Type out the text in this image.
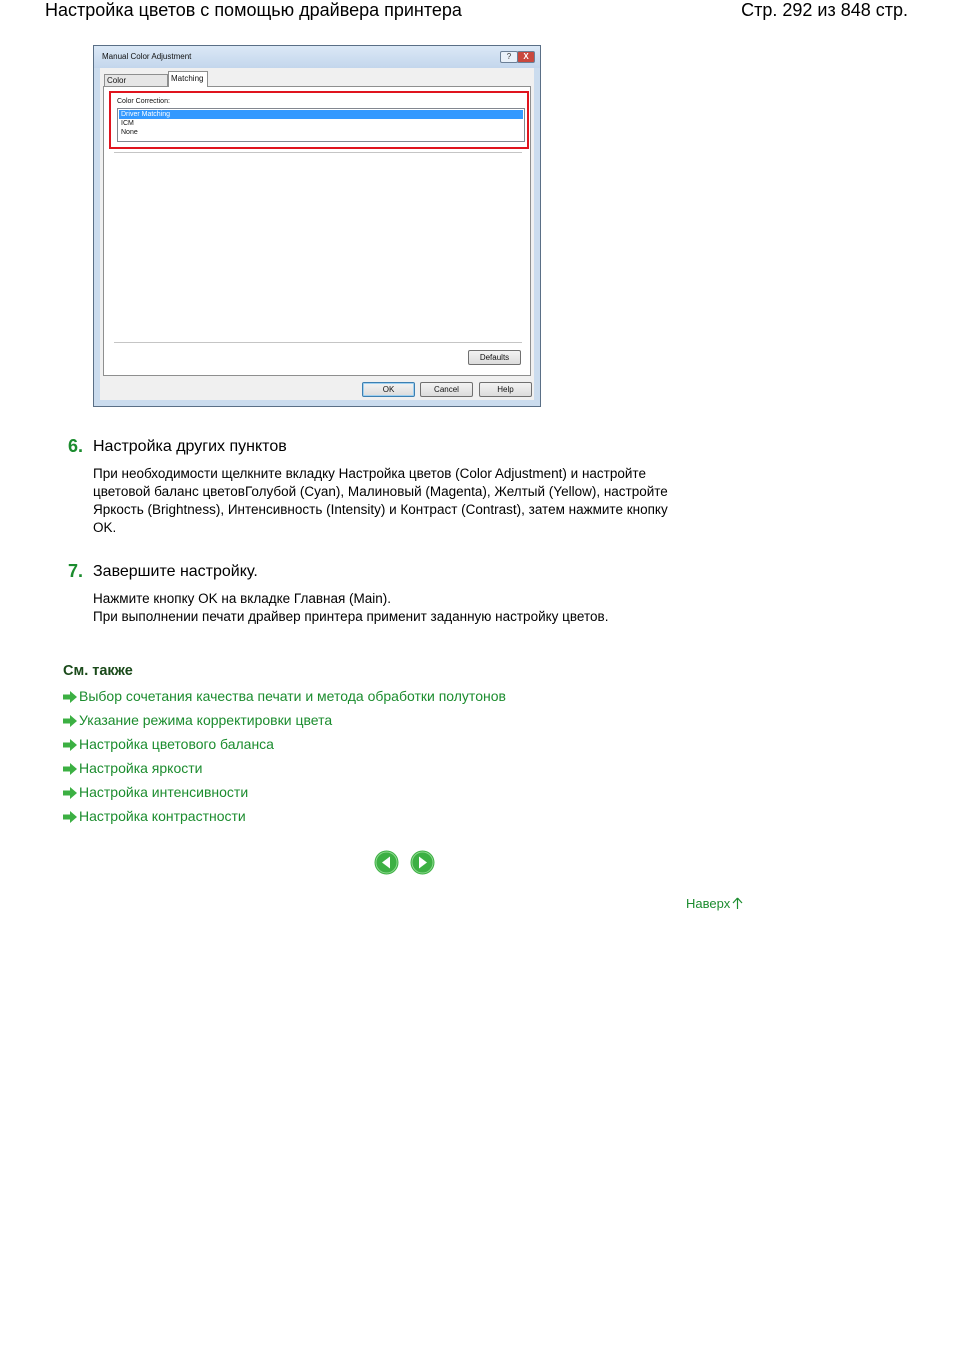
Настройка цветов с помощью драйвера принтера	Стр. 292 из 848 стр.
Manual Color Adjustment	?	X
Color	Matching
Color Correction:
Driver Matching
ICM
None
Defaults
OK	Cancel	Help
6. Настройка других пунктов
При необходимости щелкните вкладку Настройка цветов (Color Adjustment) и настройте
цветовой баланс цветовГолубой (Cyan), Малиновый (Magenta), Желтый (Yellow), настройте
Яркость (Brightness), Интенсивность (Intensity) и Контраст (Contrast), затем нажмите кнопку
OK.
7. Завершите настройку.
Нажмите кнопку OK на вкладке Главная (Main).
При выполнении печати драйвер принтера применит заданную настройку цветов.
См. также
Выбор сочетания качества печати и метода обработки полутонов
Указание режима корректировки цвета
Настройка цветового баланса
Настройка яркости
Настройка интенсивности
Настройка контрастности
Наверх
